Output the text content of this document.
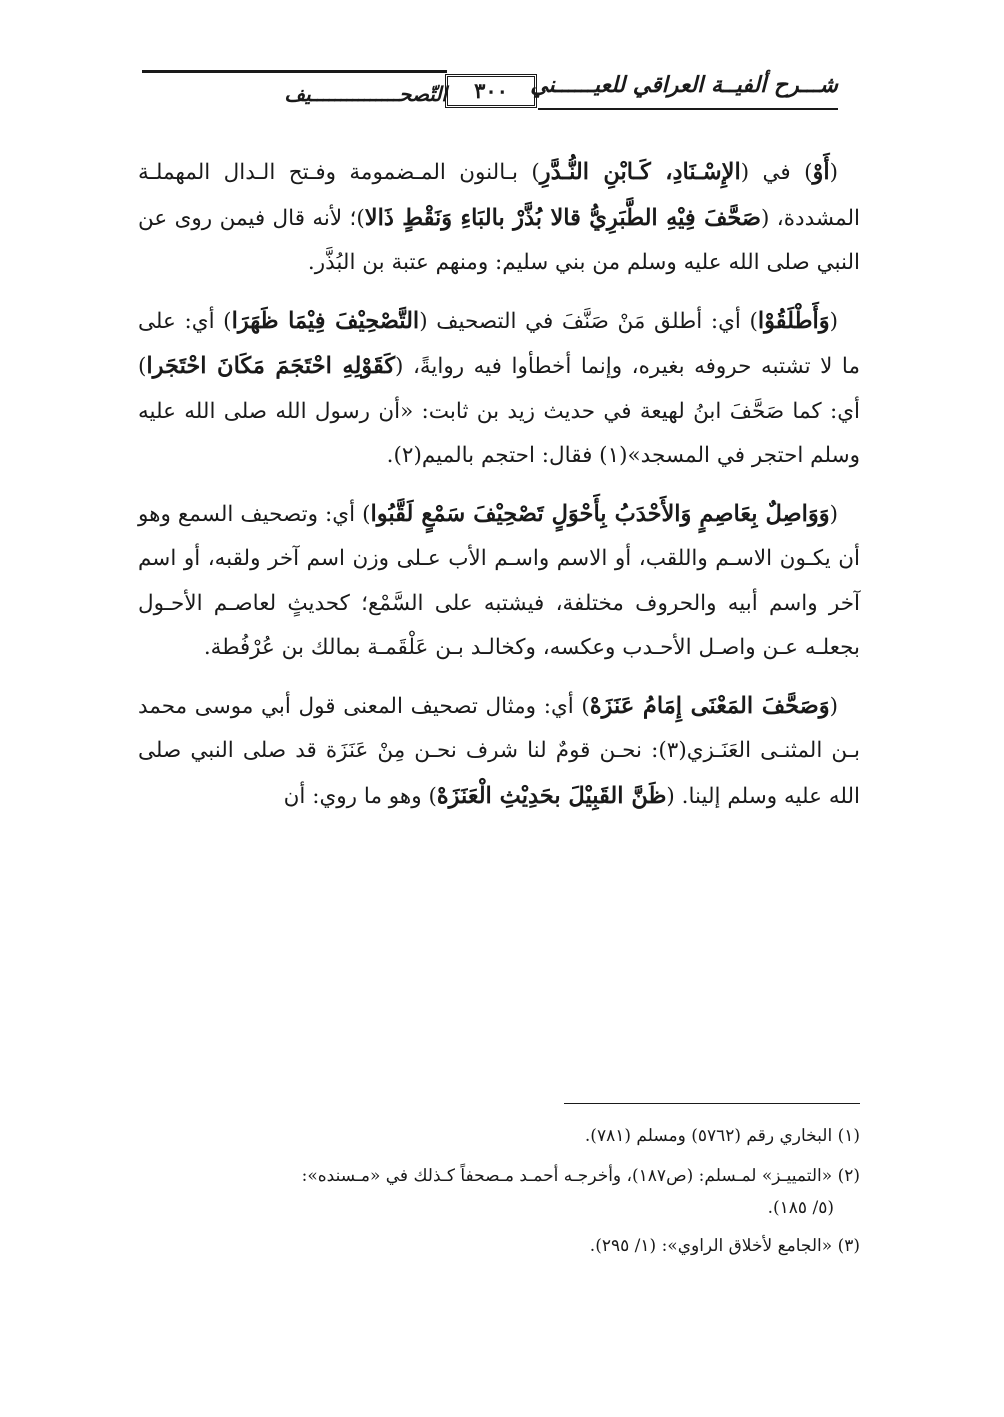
شـــرح ألفيــة العراقي للعيــــــني
٣٠٠
التّصحـــــــــــــــيف

(أَوْ) في (الإِسْـنَادِ، كَـابْنِ النُّـدَّرِ) بـالنون المـضمومة وفـتح الـدال المهملـة المشددة، (صَحَّفَ فِيْهِ الطَّبَرِيُّ قالا بُذَّرْ بالبَاءِ وَنَقْطٍ ذَالا)؛ لأنه قال فيمن روى عن النبي صلى الله عليه وسلم من بني سليم: ومنهم عتبة بن البُذَّر.

(وَأَطْلَقُوْا) أي: أطلق مَنْ صَنَّفَ في التصحيف (التَّصْحِيْفَ فِيْمَا ظَهَرَا) أي: على ما لا تشتبه حروفه بغيره، وإنما أخطأوا فيه روايةً، (كَقَوْلِهِ احْتَجَمَ مَكَانَ احْتَجَرا) أي: كما صَحَّفَ ابنُ لهيعة في حديث زيد بن ثابت: «أن رسول الله صلى الله عليه وسلم احتجر في المسجد»(١) فقال: احتجم بالميم(٢).

(وَوَاصِلٌ بِعَاصِمٍ وَالأَحْدَبُ بِأَحْوَلٍ تَصْحِيْفَ سَمْعٍ لَقَّبُوا) أي: وتصحيف السمع وهو أن يكـون الاسـم واللقب، أو الاسم واسـم الأب عـلى وزن اسم آخر ولقبه، أو اسم آخر واسم أبيه والحروف مختلفة، فيشتبه على السَّمْع؛ كحديثٍ لعاصـم الأحـول بجعلـه عـن واصـل الأحـدب وعكسه، وكخالـد بـن عَلْقَمـة بمالك بن عُرْفُطة.

(وَصَحَّفَ المَعْنَى إِمَامُ عَنَزَهْ) أي: ومثال تصحيف المعنى قول أبي موسى محمد بـن المثنـى العَنَـزي(٣): نحـن قومٌ لنا شرف نحـن مِنْ عَنَزَة قد صلى النبي صلى الله عليه وسلم إلينا. (ظَنَّ القَبِيْلَ بحَدِيْثِ الْعَنَزَهْ) وهو ما روي: أن

(١) البخاري رقم (٥٧٦٢) ومسلم (٧٨١).

(٢) «التمييـز» لمـسلم: (ص١٨٧)، وأخرجـه أحمـد مـصحفاً كـذلك في «مـسنده»:

(٥/ ١٨٥).

(٣) «الجامع لأخلاق الراوي»: (١/ ٢٩٥).
